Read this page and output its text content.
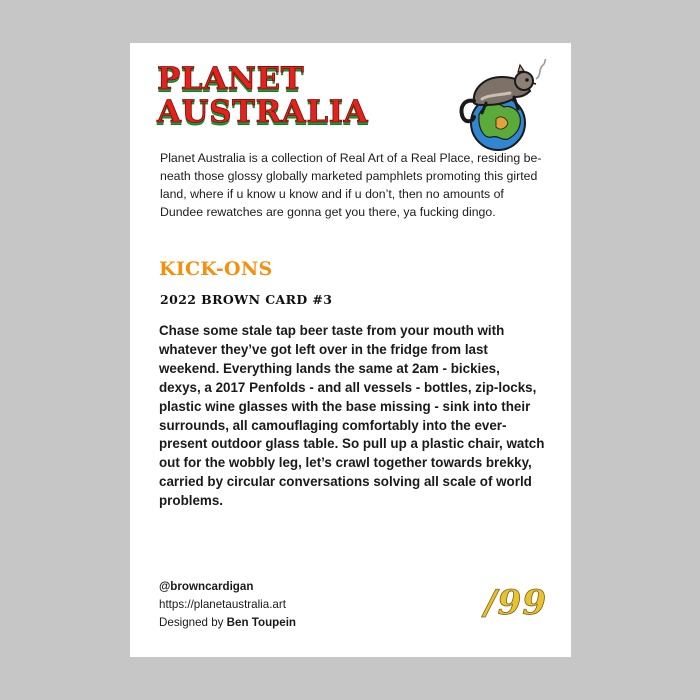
PLANET
AUSTRALIA

Planet Australia is a collection of Real Art of a Real Place, residing beneath those glossy globally marketed pamphlets promoting this girted land, where if u know u know and if u don’t, then no amounts of Dundee rewatches are gonna get you there, ya fucking dingo.

KICK-ONS
2022 BROWN CARD #3

Chase some stale tap beer taste from your mouth with whatever they’ve got left over in the fridge from last weekend. Everything lands the same at 2am - bickies, dexys, a 2017 Penfolds - and all vessels - bottles, zip-locks, plastic wine glasses with the base missing - sink into their surrounds, all camouflaging comfortably into the ever-present outdoor glass table. So pull up a plastic chair, watch out for the wobbly leg, let’s crawl together towards brekky, carried by circular conversations solving all scale of world problems.

@browncardigan
https://planetaustralia.art
Designed by Ben Toupein	/99
